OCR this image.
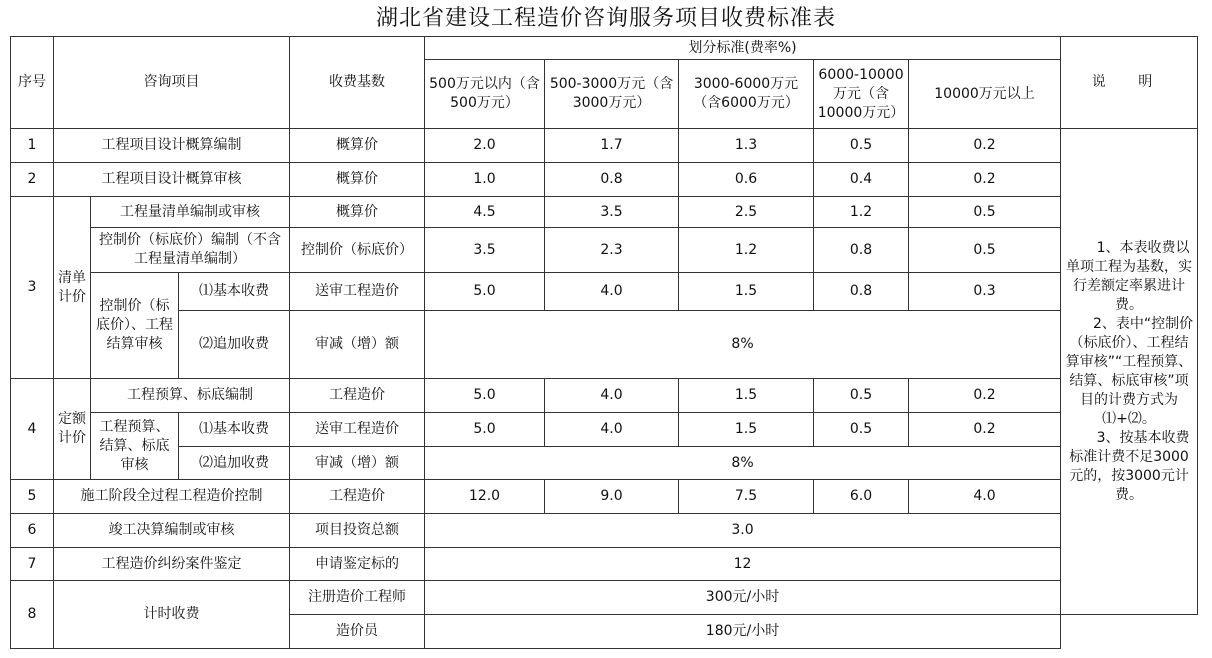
湖北省建设工程造价咨询服务项目收费标准表
序号	咨询项目			收费基数	划分标准(费率%)					说 明
					500万元以内（含500万元）	500-3000万元（含3000万元）	3000-6000万元（含6000万元）	6000-10000万元（含10000万元）	10000万元以上	
1	工程项目设计概算编制			概算价	2.0	1.7	1.3	0.5	0.2	1、本表收费以单项工程为基数，实行差额定率累进计费。

2、表中“控制价（标底价）、工程结算审核”“工程预算、结算、标底审核”项目的计费方式为⑴+⑵。

3、按基本收费标准计费不足3000元的，按3000元计费。

2	工程项目设计概算审核			概算价	1.0	0.8	0.6	0.4	0.2	
3	清单计价	工程量清单编制或审核		概算价	4.5	3.5	2.5	1.2	0.5	
		控制价（标底价）编制（不含工程量清单编制）		控制价（标底价）	3.5	2.3	1.2	0.8	0.5	
		控制价（标底价）、工程结算审核	⑴基本收费	送审工程造价	5.0	4.0	1.5	0.8	0.3	
			⑵追加收费	审减（增）额	8%					
4	定额计价	工程预算、标底编制		工程造价	5.0	4.0	1.5	0.5	0.2	
		工程预算、结算、标底审核	⑴基本收费	送审工程造价	5.0	4.0	1.5	0.5	0.2	
			⑵追加收费	审减（增）额	8%					
5	施工阶段全过程工程造价控制			工程造价	12.0	9.0	7.5	6.0	4.0	
6	竣工决算编制或审核			项目投资总额	3.0					
7	工程造价纠纷案件鉴定			申请鉴定标的	12					
8	计时收费			注册造价工程师	300元/小时					
				造价员	180元/小时					
